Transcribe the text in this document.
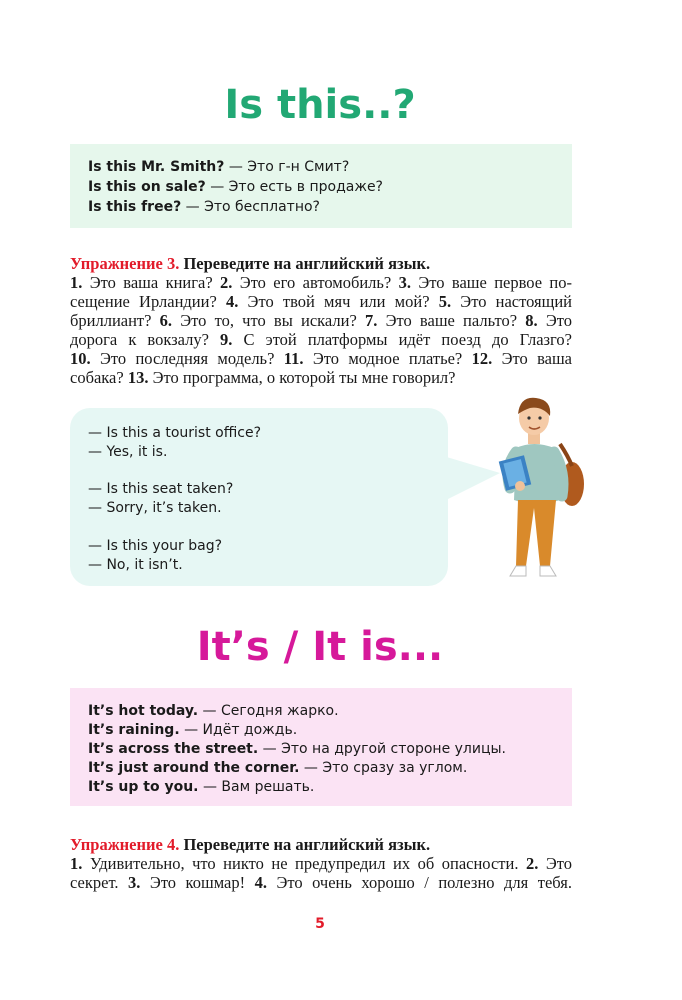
Is this..?
Is this Mr. Smith? — Это г-н Смит?
Is this on sale? — Это есть в продаже?
Is this free? — Это бесплатно?
Упражнение 3. Переведите на английский язык.
1. Это ваша книга? 2. Это его автомобиль? 3. Это ваше первое по-
сещение Ирландии? 4. Это твой мяч или мой? 5. Это настоящий
бриллиант? 6. Это то, что вы искали? 7. Это ваше пальто? 8. Это
дорога к вокзалу? 9. С этой платформы идёт поезд до Глазго?
10. Это последняя модель? 11. Это модное платье? 12. Это ваша
собака? 13. Это программа, о которой ты мне говорил?
— Is this a tourist office?
— Yes, it is.
— Is this seat taken?
— Sorry, it’s taken.
— Is this your bag?
— No, it isn’t.
It’s / It is...
It’s hot today. — Сегодня жарко.
It’s raining. — Идёт дождь.
It’s across the street. — Это на другой стороне улицы.
It’s just around the corner. — Это сразу за углом.
It’s up to you. — Вам решать.
Упражнение 4. Переведите на английский язык.
1. Удивительно, что никто не предупредил их об опасности. 2. Это
секрет. 3. Это кошмар! 4. Это очень хорошо / полезно для тебя.
5
